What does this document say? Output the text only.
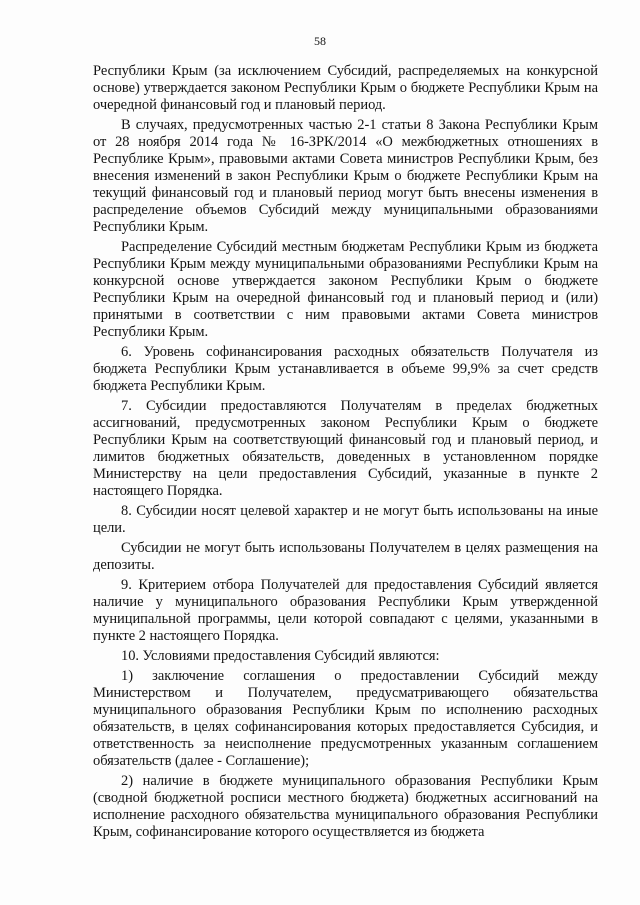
58

Республики Крым (за исключением Субсидий, распределяемых на конкурсной основе) утверждается законом Республики Крым о бюджете Республики Крым на очередной финансовый год и плановый период.

В случаях, предусмотренных частью 2-1 статьи 8 Закона Республики Крым от 28 ноября 2014 года № 16-ЗРК/2014 «О межбюджетных отношениях в Республике Крым», правовыми актами Совета министров Республики Крым, без внесения изменений в закон Республики Крым о бюджете Республики Крым на текущий финансовый год и плановый период могут быть внесены изменения в распределение объемов Субсидий между муниципальными образованиями Республики Крым.

Распределение Субсидий местным бюджетам Республики Крым из бюджета Республики Крым между муниципальными образованиями Республики Крым на конкурсной основе утверждается законом Республики Крым о бюджете Республики Крым на очередной финансовый год и плановый период и (или) принятыми в соответствии с ним правовыми актами Совета министров Республики Крым.

6. Уровень софинансирования расходных обязательств Получателя из бюджета Республики Крым устанавливается в объеме 99,9% за счет средств бюджета Республики Крым.

7. Субсидии предоставляются Получателям в пределах бюджетных ассигнований, предусмотренных законом Республики Крым о бюджете Республики Крым на соответствующий финансовый год и плановый период, и лимитов бюджетных обязательств, доведенных в установленном порядке Министерству на цели предоставления Субсидий, указанные в пункте 2 настоящего Порядка.

8. Субсидии носят целевой характер и не могут быть использованы на иные цели.

Субсидии не могут быть использованы Получателем в целях размещения на депозиты.

9. Критерием отбора Получателей для предоставления Субсидий является наличие у муниципального образования Республики Крым утвержденной муниципальной программы, цели которой совпадают с целями, указанными в пункте 2 настоящего Порядка.

10. Условиями предоставления Субсидий являются:

1) заключение соглашения о предоставлении Субсидий между Министерством и Получателем, предусматривающего обязательства муниципального образования Республики Крым по исполнению расходных обязательств, в целях софинансирования которых предоставляется Субсидия, и ответственность за неисполнение предусмотренных указанным соглашением обязательств (далее - Соглашение);

2) наличие в бюджете муниципального образования Республики Крым (сводной бюджетной росписи местного бюджета) бюджетных ассигнований на исполнение расходного обязательства муниципального образования Республики Крым, софинансирование которого осуществляется из бюджета
